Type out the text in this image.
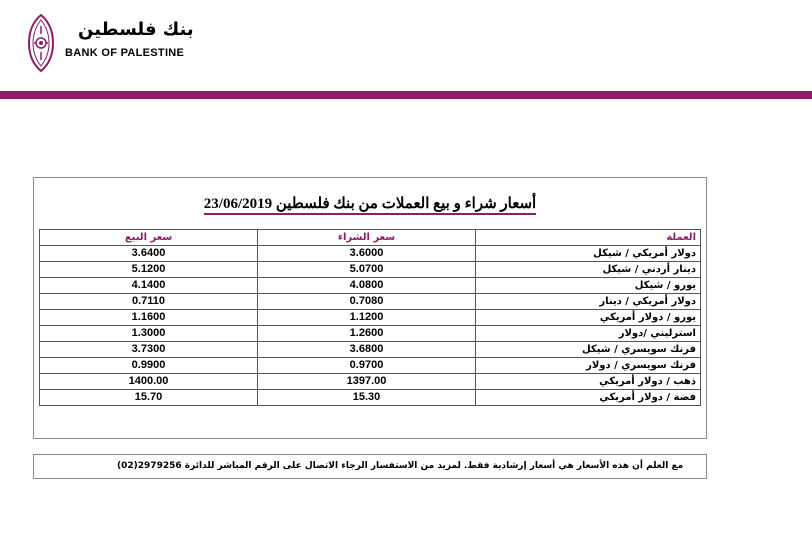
بنك فلسطين
BANK OF PALESTINE
أسعار شراء و بيع العملات من بنك فلسطين 23/06/2019
سعر البيع	سعر الشراء	العملة
3.6400	3.6000	دولار أمريكي / شيكل
5.1200	5.0700	دينار أردني / شيكل
4.1400	4.0800	يورو / شيكل
0.7110	0.7080	دولار أمريكي / دينار
1.1600	1.1200	يورو / دولار أمريكي
1.3000	1.2600	استرليني /دولار
3.7300	3.6800	فرنك سويسري / شيكل
0.9900	0.9700	فرنك سويسري / دولار
1400.00	1397.00	ذهب / دولار أمريكي
15.70	15.30	فضة / دولار أمريكي
مع العلم أن هذه الأسعار هي أسعار إرشادية فقط. لمزيد من الاستفسار الرجاء الاتصال على الرقم المباشر للدائرة 2979256(02)
